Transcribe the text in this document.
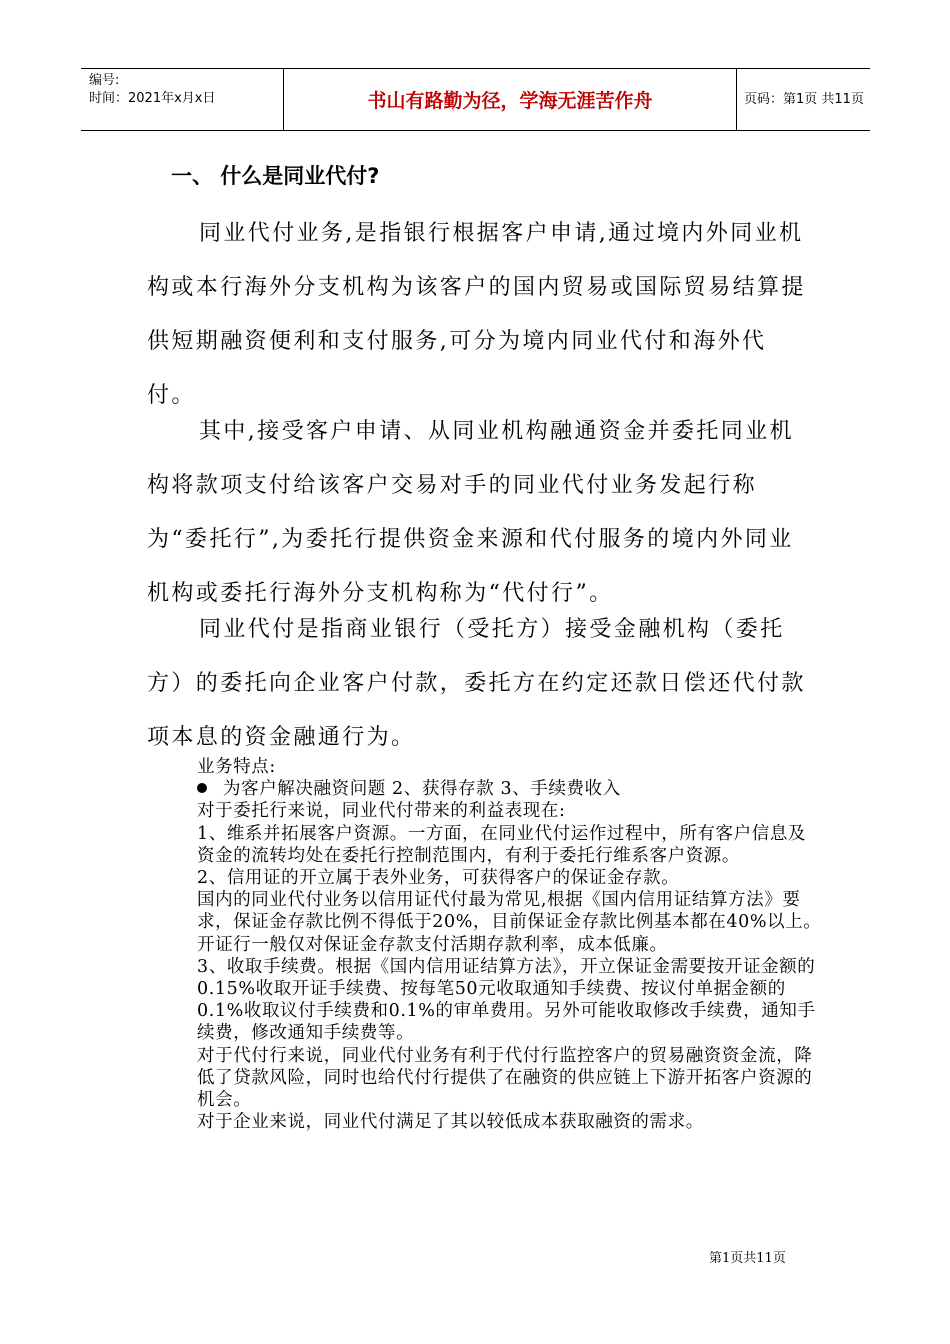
编号:
时间：2021年x月x日	书山有路勤为径，学海无涯苦作舟	页码：第1页 共11页
一、 什么是同业代付?

同业代付业务,是指银行根据客户申请,通过境内外同业机构或本行海外分支机构为该客户的国内贸易或国际贸易结算提供短期融资便利和支付服务,可分为境内同业代付和海外代付。

其中,接受客户申请、从同业机构融通资金并委托同业机构将款项支付给该客户交易对手的同业代付业务发起行称为“委托行”,为委托行提供资金来源和代付服务的境内外同业机构或委托行海外分支机构称为“代付行”。

同业代付是指商业银行（受托方）接受金融机构（委托方）的委托向企业客户付款，委托方在约定还款日偿还代付款项本息的资金融通行为。

业务特点:

为客户解决融资问题 2、获得存款 3、手续费收入

对于委托行来说，同业代付带来的利益表现在:

1、维系并拓展客户资源。一方面，在同业代付运作过程中，所有客户信息及资金的流转均处在委托行控制范围内，有利于委托行维系客户资源。

2、信用证的开立属于表外业务，可获得客户的保证金存款。

国内的同业代付业务以信用证代付最为常见,根据《国内信用证结算方法》要求，保证金存款比例不得低于20%，目前保证金存款比例基本都在40%以上。开证行一般仅对保证金存款支付活期存款利率，成本低廉。

3、收取手续费。根据《国内信用证结算方法》，开立保证金需要按开证金额的0.15%收取开证手续费、按每笔50元收取通知手续费、按议付单据金额的0.1%收取议付手续费和0.1%的审单费用。另外可能收取修改手续费，通知手续费，修改通知手续费等。

对于代付行来说，同业代付业务有利于代付行监控客户的贸易融资资金流，降低了贷款风险，同时也给代付行提供了在融资的供应链上下游开拓客户资源的机会。

对于企业来说，同业代付满足了其以较低成本获取融资的需求。

第1页共11页
